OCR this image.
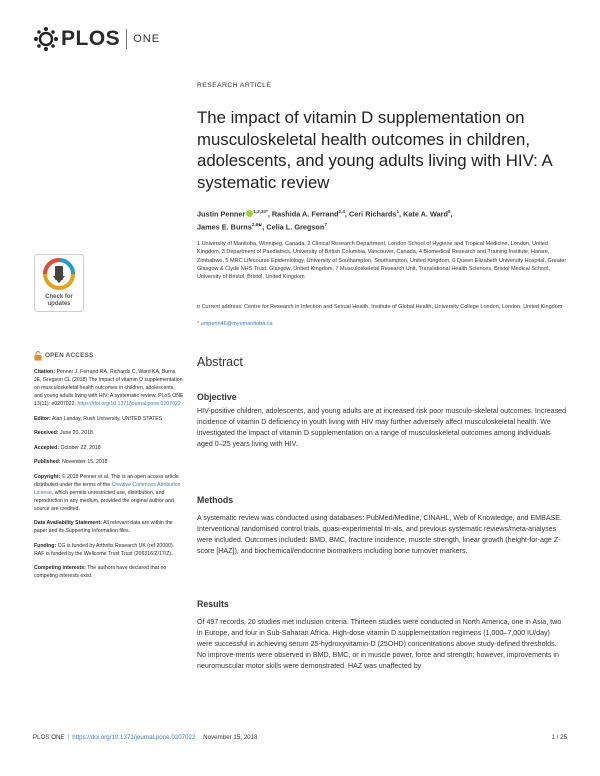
PLOS ONE
Check for updates
OPEN ACCESS

Citation: Penner J, Ferrand RA, Richards C, Ward KA, Burns JE, Gregson CL (2018) The impact of vitamin D supplementation on musculoskeletal health outcomes in children, adolescents, and young adults living with HIV: A systematic review. PLoS ONE 13(11): e0207022. https://doi.org/10.1371/journal.pone.0207022

Editor: Alan Landay, Rush University, UNITED STATES

Received: June 20, 2018

Accepted: October 22, 2018

Published: November 15, 2018

Copyright: © 2018 Penner et al. This is an open access article distributed under the terms of the Creative Commons Attribution License, which permits unrestricted use, distribution, and reproduction in any medium, provided the original author and source are credited.

Data Availability Statement: All relevant data are within the paper and its Supporting Information files.

Funding: CG is funded by Arthritis Research UK (ref 20000). RAF is funded by the Wellcome Trust Trust (206316/Z/17/Z).

Competing interests: The authors have declared that no competing interests exist.

RESEARCH ARTICLE
The impact of vitamin D supplementation on musculoskeletal health outcomes in children, adolescents, and young adults living with HIV: A systematic review
Justin Penner $^{1,2,3¤*}$, Rashida A. Ferrand$^{2,4}$, Ceri Richards$^1$, Kate A. Ward$^5$,
James E. Burns$^{2,6☯}$, Celia L. Gregson$^7$
1 University of Manitoba, Winnipeg, Canada, 2 Clinical Research Department, London School of Hygiene and Tropical Medicine, London, United Kingdom, 3 Department of Paediatrics, University of British Columbia, Vancouver, Canada, 4 Biomedical Research and Training Institute, Harare, Zimbabwe, 5 MRC Lifecourse Epidemiology, University of Southampton, Southampton, United Kingdom, 6 Queen Elizabeth University Hospital, Greater Glasgow & Clyde NHS Trust, Glasgow, United Kingdom, 7 Musculoskeletal Research Unit, Translational Health Sciences, Bristol Medical School, University of Bristol, Bristol, United Kingdom
¤ Current address: Centre for Research in Infection and Sexual Health, Institute of Global Health, University College London, London, United Kingdom
* umpenn46@myumanitoba.ca
Abstract
Objective
HIV-positive children, adolescents, and young adults are at increased risk poor musculo-skeletal outcomes. Increased incidence of vitamin D deficiency in youth living with HIV may further adversely affect musculoskeletal health. We investigated the impact of vitamin D supplementation on a range of musculoskeletal outcomes among individuals aged 0–25 years living with HIV.
Methods
A systematic review was conducted using databases: PubMed/Medline, CINAHL, Web of Knowledge, and EMBASE. Interventional randomised control trials, quasi-experimental tri-als, and previous systematic reviews/meta-analyses were included. Outcomes included: BMD, BMC, fracture incidence, muscle strength, linear growth (height-for-age Z-score [HAZ]), and biochemical/endocrine biomarkers including bone turnover markers.
Results
Of 497 records, 20 studies met inclusion criteria. Thirteen studies were conducted in North America, one in Asia, two in Europe, and four in Sub-Saharan Africa. High-dose vitamin D supplementation regimens (1,000–7,000 IU/day) were successful in achieving serum 25-hydroxyvitamin-D (25OHD) concentrations above study-defined thresholds. No improve-ments were observed in BMD, BMC, or in muscle power, force and strength; however, improvements in neuromuscular motor skills were demonstrated. HAZ was unaffected by
PLOS ONE | https://doi.org/10.1371/journal.pone.0207022 November 15, 2018	1 / 25
